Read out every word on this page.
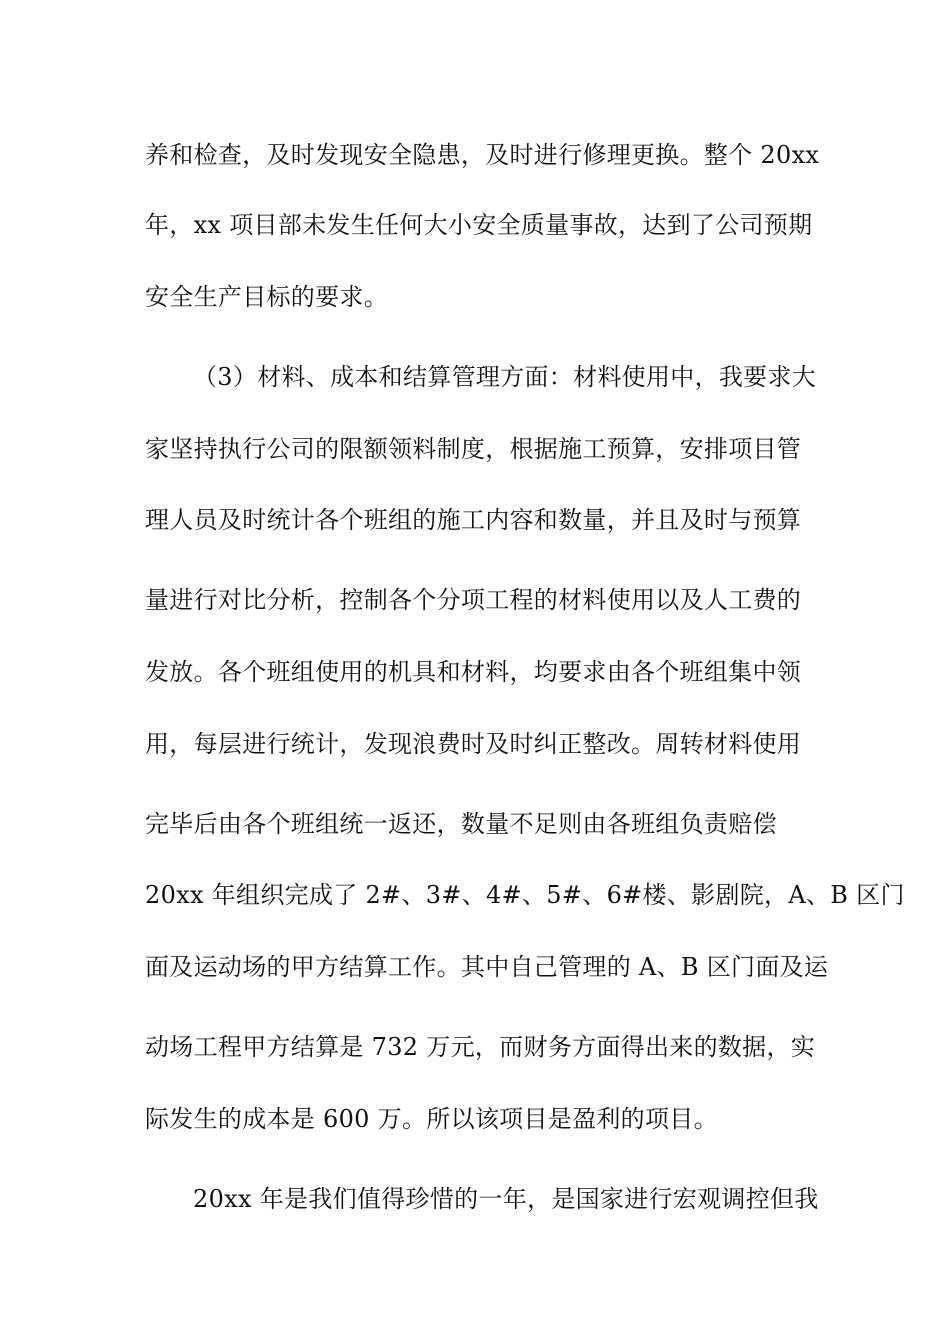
养和检查，及时发现安全隐患，及时进行修理更换。整个 20xx
年，xx 项目部未发生任何大小安全质量事故，达到了公司预期
安全生产目标的要求。
（3）材料、成本和结算管理方面：材料使用中，我要求大
家坚持执行公司的限额领料制度，根据施工预算，安排项目管
理人员及时统计各个班组的施工内容和数量，并且及时与预算
量进行对比分析，控制各个分项工程的材料使用以及人工费的
发放。各个班组使用的机具和材料，均要求由各个班组集中领
用，每层进行统计，发现浪费时及时纠正整改。周转材料使用
完毕后由各个班组统一返还，数量不足则由各班组负责赔偿
20xx 年组织完成了 2#、3#、4#、5#、6#楼、影剧院，A、B 区门
面及运动场的甲方结算工作。其中自己管理的 A、B 区门面及运
动场工程甲方结算是 732 万元，而财务方面得出来的数据，实
际发生的成本是 600 万。所以该项目是盈利的项目。
20xx 年是我们值得珍惜的一年，是国家进行宏观调控但我
